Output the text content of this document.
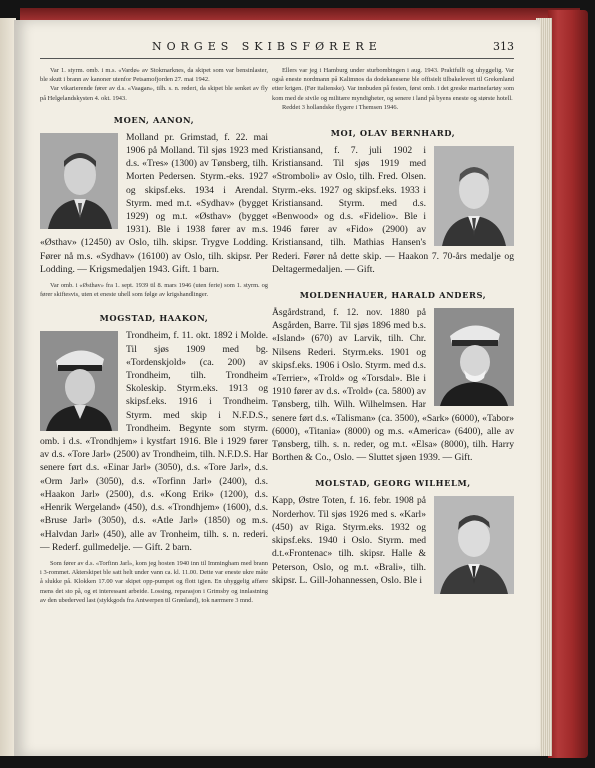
NORGES SKIBSFØRERE	313

Var 1. styrm. omb. i m.s. «Vardø» av Stokmarknes, da skipet som var bensinlaster, ble skutt i brann av kanoner utenfor Petsamofjorden 27. mai 1942.

Var vikarierende fører av d.s. «Vaagan», tilh. s. n. rederi, da skipet ble senket av fly på Helgelandskysten 4. okt. 1943.

MOEN, AANON,
Molland pr. Grimstad, f. 22. mai 1906 på Molland. Til sjøs 1923 med d.s. «Tres» (1300) av Tønsberg, tilh. Morten Pedersen. Styrm.-eks. 1927 og skipsf.eks. 1934 i Arendal. Styrm. med m.t. «Sydhav» (bygget 1929) og m.t. «Østhav» (bygget 1931). Ble i 1938 fører av m.s. «Østhav» (12450) av Oslo, tilh. skipsr. Trygve Lodding. Fører nå m.s. «Sydhav» (16100) av Oslo, tilh. skipsr. Per Lodding. — Krigsmedaljen 1943. Gift. 1 barn.

Var omb. i «Østhav» fra 1. sept. 1939 til 8. mars 1946 (uten ferie) som 1. styrm. og fører skiftesvis, uten et eneste uhell som følge av krigshandlinger.

MOGSTAD, HAAKON,
Trondheim, f. 11. okt. 1892 i Molde. Til sjøs 1909 med bg. «Tordenskjold» (ca. 200) av Trondheim, tilh. Trondheim Skoleskip. Styrm.eks. 1913 og skipsf.eks. 1916 i Trondheim. Styrm. med skip i N.F.D.S., Trondheim. Begynte som styrm. omb. i d.s. «Trondhjem» i kystfart 1916. Ble i 1929 fører av d.s. «Tore Jarl» (2500) av Trondheim, tilh. N.F.D.S. Har senere ført d.s. «Einar Jarl» (3050), d.s. «Tore Jarl», d.s. «Orm Jarl» (3050), d.s. «Torfinn Jarl» (2400), d.s. «Haakon Jarl» (2500), d.s. «Kong Erik» (1200), d.s. «Henrik Wergeland» (450), d.s. «Trondhjem» (1600), d.s. «Bruse Jarl» (3050), d.s. «Atle Jarl» (1850) og m.s. «Halvdan Jarl» (450), alle av Tronheim, tilh. s. n. rederi. — Rederf. gullmedelje. — Gift. 2 barn.

Som fører av d.s. «Torfinn Jarl», kom jeg hosten 1940 inn til Immingham med brann i 3-rommet. Akterskipet ble satt helt under vann ca. kl. 11.00. Dette var eneste ukre måte å slukke på. Klokken 17.00 var skipet opp-pumpet og flott igjen. En uhyggelig affære mens det sto på, og et interessant arbeide. Lossing, reparasjon i Grimsby og innlastning av den ubederved last (stykkgods fra Antwerpen til Grønland), tok nærmere 3 mnd.

Ellers var jeg i Hamburg under sturbombingen i aug. 1943. Praktfullt og uhyggelig. Var også eneste nordmann på Kalimnos da dodekanesene ble offisielt tilbakelevert til Grekenland etter krigen. (Før italienske). Var innbuden på festen, først omb. i det greske marinefartøy som kom med de sivile og militære myndigheter, og senere i land på byens eneste og største hotell.

Reddet 3 hollandske flygere i Themsen 1946.

MOI, OLAV BERNHARD,
Kristiansand, f. 7. juli 1902 i Kristiansand. Til sjøs 1919 med «Stromboli» av Oslo, tilh. Fred. Olsen. Styrm.-eks. 1927 og skipsf.eks. 1933 i Kristiansand. Styrm. med d.s. «Benwood» og d.s. «Fidelio». Ble i 1946 fører av «Fido» (2900) av Kristiansand, tilh. Mathias Hansen's Rederi. Fører nå dette skip. — Haakon 7. 70-års medalje og Deltagermedaljen. — Gift.
MOLDENHAUER, HARALD ANDERS,
Åsgårdstrand, f. 12. nov. 1880 på Asgården, Barre. Til sjøs 1896 med b.s. «Island» (670) av Larvik, tilh. Chr. Nilsens Rederi. Styrm.eks. 1901 og skipsf.eks. 1906 i Oslo. Styrm. med d.s. «Terrier», «Trold» og «Torsdal». Ble i 1910 fører av d.s. «Trold» (ca. 5800) av Tønsberg, tilh. Wilh. Wilhelmsen. Har senere ført d.s. «Talisman» (ca. 3500), «Sark» (6000), «Tabor» (6000), «Titania» (8000) og m.s. «America» (6400), alle av Tønsberg, tilh. s. n. reder, og m.t. «Elsa» (8000), tilh. Harry Borthen & Co., Oslo. — Sluttet sjøen 1939. — Gift.
MOLSTAD, GEORG WILHELM,
Kapp, Østre Toten, f. 16. febr. 1908 på Norderhov. Til sjøs 1926 med s. «Karl» (450) av Riga. Styrm.eks. 1932 og skipsf.eks. 1940 i Oslo. Styrm. med d.t.«Frontenac» tilh. skipsr. Halle & Peterson, Oslo, og m.t. «Brali», tilh. skipsr. L. Gill-Johannessen, Oslo. Ble i
